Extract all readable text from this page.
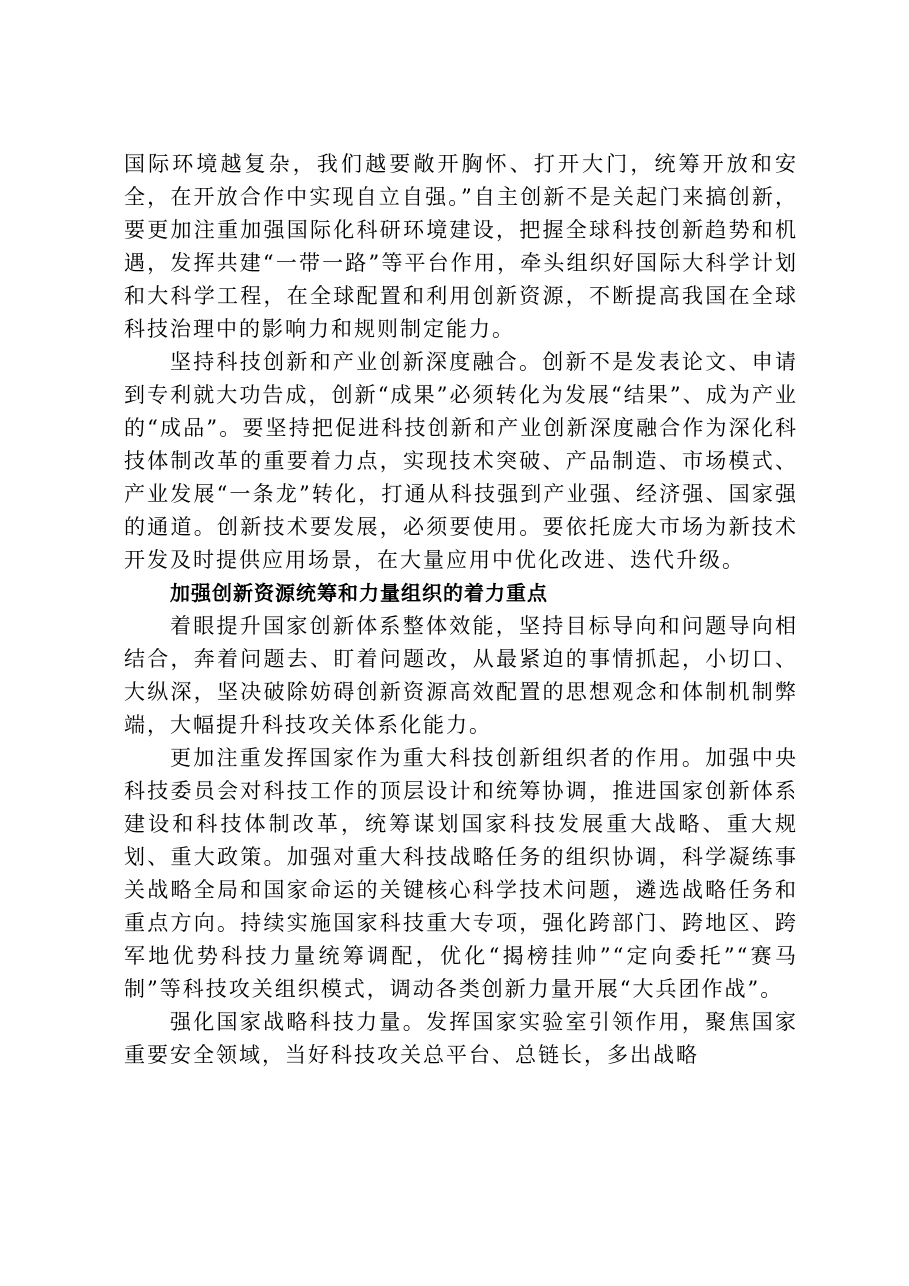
国际环境越复杂，我们越要敞开胸怀、打开大门，统筹开放和安全，在开放合作中实现自立自强。”自主创新不是关起门来搞创新，要更加注重加强国际化科研环境建设，把握全球科技创新趋势和机遇，发挥共建“一带一路”等平台作用，牵头组织好国际大科学计划和大科学工程，在全球配置和利用创新资源，不断提高我国在全球科技治理中的影响力和规则制定能力。

坚持科技创新和产业创新深度融合。创新不是发表论文、申请到专利就大功告成，创新“成果”必须转化为发展“结果”、成为产业的“成品”。要坚持把促进科技创新和产业创新深度融合作为深化科技体制改革的重要着力点，实现技术突破、产品制造、市场模式、产业发展“一条龙”转化，打通从科技强到产业强、经济强、国家强的通道。创新技术要发展，必须要使用。要依托庞大市场为新技术开发及时提供应用场景，在大量应用中优化改进、迭代升级。

加强创新资源统筹和力量组织的着力重点

着眼提升国家创新体系整体效能，坚持目标导向和问题导向相结合，奔着问题去、盯着问题改，从最紧迫的事情抓起，小切口、大纵深，坚决破除妨碍创新资源高效配置的思想观念和体制机制弊端，大幅提升科技攻关体系化能力。

更加注重发挥国家作为重大科技创新组织者的作用。加强中央科技委员会对科技工作的顶层设计和统筹协调，推进国家创新体系建设和科技体制改革，统筹谋划国家科技发展重大战略、重大规划、重大政策。加强对重大科技战略任务的组织协调，科学凝练事关战略全局和国家命运的关键核心科学技术问题，遴选战略任务和重点方向。持续实施国家科技重大专项，强化跨部门、跨地区、跨军地优势科技力量统筹调配，优化“揭榜挂帅”“定向委托”“赛马制”等科技攻关组织模式，调动各类创新力量开展“大兵团作战”。

强化国家战略科技力量。发挥国家实验室引领作用，聚焦国家重要安全领域，当好科技攻关总平台、总链长，多出战略
